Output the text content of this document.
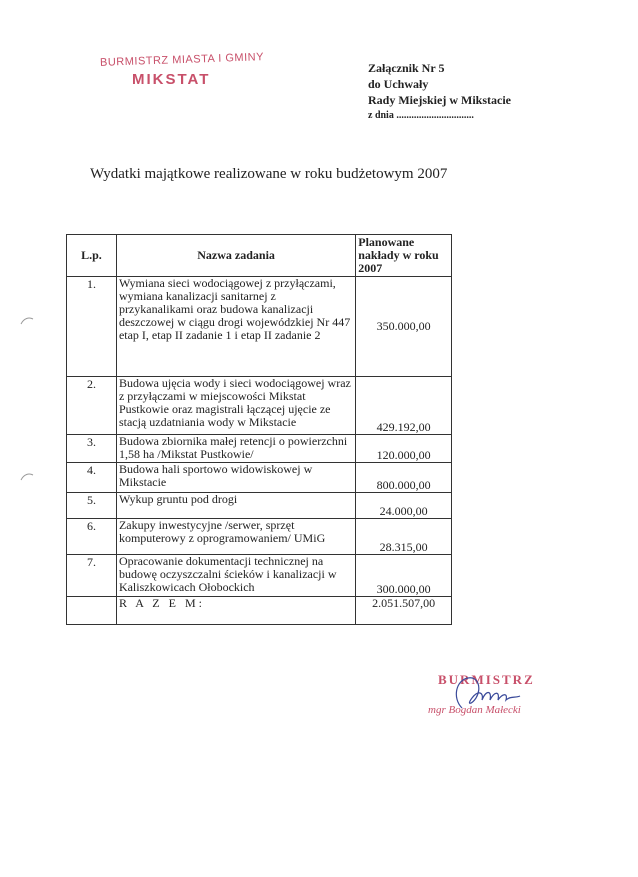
BURMISTRZ MIASTA I GMINY
MIKSTAT
Załącznik Nr 5
do Uchwały
Rady Miejskiej w Mikstacie
z dnia ...............................
Wydatki majątkowe realizowane w roku budżetowym 2007
L.p.	Nazwa zadania	Planowane nakłady w roku 2007
1.	Wymiana sieci wodociągowej z przyłączami, wymiana kanalizacji sanitarnej z przykanalikami oraz budowa kanalizacji deszczowej w ciągu drogi wojewódzkiej Nr 447 etap I, etap II zadanie 1 i etap II zadanie 2	350.000,00
2.	Budowa ujęcia wody i sieci wodociągowej wraz z przyłączami w miejscowości Mikstat Pustkowie oraz magistrali łączącej ujęcie ze stacją uzdatniania wody w Mikstacie	429.192,00
3.	Budowa zbiornika małej retencji o powierzchni 1,58 ha /Mikstat Pustkowie/	120.000,00
4.	Budowa hali sportowo widowiskowej w Mikstacie	800.000,00
5.	Wykup gruntu pod drogi	24.000,00
6.	Zakupy inwestycyjne /serwer, sprzęt komputerowy z oprogramowaniem/ UMiG	28.315,00
7.	Opracowanie dokumentacji technicznej na budowę oczyszczalni ścieków i kanalizacji w Kaliszkowicach Ołobockich	300.000,00
	R A Z E M:	2.051.507,00
BURMISTRZ
mgr Bogdan Małecki
